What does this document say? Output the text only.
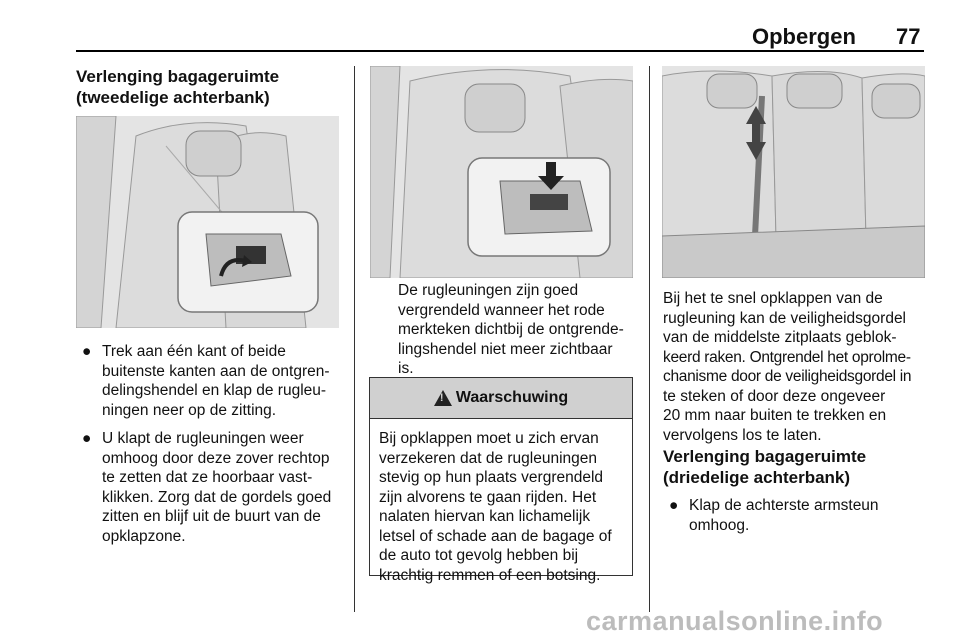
Opbergen 77
Verlenging bagageruimte
(tweedelige achterbank)
● Trek aan één kant of beide
buitenste kanten aan de ontgren-
delingshendel en klap de rugleu-
ningen neer op de zitting.
● U klapt de rugleuningen weer
omhoog door deze zover rechtop
te zetten dat ze hoorbaar vast-
klikken. Zorg dat de gordels goed
zitten en blijf uit de buurt van de
opklapzone.
De rugleuningen zijn goed
vergrendeld wanneer het rode
merkteken dichtbij de ontgrende-
lingshendel niet meer zichtbaar
is.
!
Waarschuwing
Bij opklappen moet u zich ervan
verzekeren dat de rugleuningen
stevig op hun plaats vergrendeld
zijn alvorens te gaan rijden. Het
nalaten hiervan kan lichamelijk
letsel of schade aan de bagage of
de auto tot gevolg hebben bij
krachtig remmen of een botsing.
Bij het te snel opklappen van de
rugleuning kan de veiligheidsgordel
van de middelste zitplaats geblok-
keerd raken. Ontgrendel het oprolme-
chanisme door de veiligheidsgordel in
te steken of door deze ongeveer
20 mm naar buiten te trekken en
vervolgens los te laten.
Verlenging bagageruimte
(driedelige achterbank)
● Klap de achterste armsteun
omhoog.
carmanualsonline.info
